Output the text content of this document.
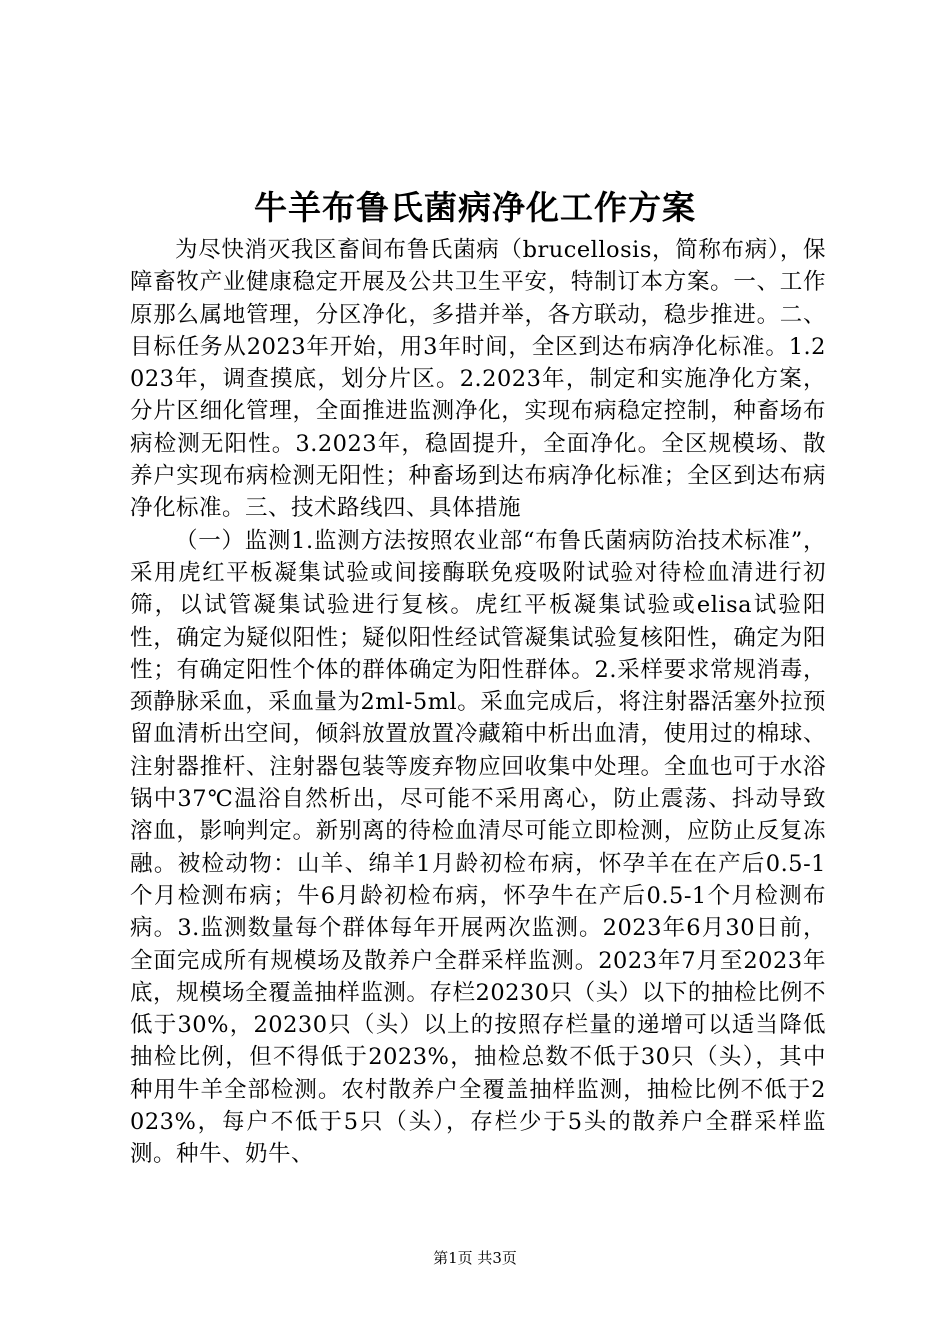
牛羊布鲁氏菌病净化工作方案

为尽快消灭我区畜间布鲁氏菌病（brucellosis，简称布病），保障畜牧产业健康稳定开展及公共卫生平安，特制订本方案。一、工作原那么属地管理，分区净化，多措并举，各方联动，稳步推进。二、目标任务从2023年开始，用3年时间，全区到达布病净化标准。1.2023年，调查摸底，划分片区。2.2023年，制定和实施净化方案，分片区细化管理，全面推进监测净化，实现布病稳定控制，种畜场布病检测无阳性。3.2023年，稳固提升，全面净化。全区规模场、散养户实现布病检测无阳性；种畜场到达布病净化标准；全区到达布病净化标准。三、技术路线四、具体措施

（一）监测1.监测方法按照农业部“布鲁氏菌病防治技术标准”，采用虎红平板凝集试验或间接酶联免疫吸附试验对待检血清进行初筛，以试管凝集试验进行复核。虎红平板凝集试验或elisa试验阳性，确定为疑似阳性；疑似阳性经试管凝集试验复核阳性，确定为阳性；有确定阳性个体的群体确定为阳性群体。2.采样要求常规消毒，颈静脉采血，采血量为2ml-5ml。采血完成后，将注射器活塞外拉预留血清析出空间，倾斜放置放置冷藏箱中析出血清，使用过的棉球、注射器推杆、注射器包装等废弃物应回收集中处理。全血也可于水浴锅中37℃温浴自然析出，尽可能不采用离心，防止震荡、抖动导致溶血，影响判定。新别离的待检血清尽可能立即检测，应防止反复冻融。被检动物：山羊、绵羊1月龄初检布病，怀孕羊在在产后0.5-1个月检测布病；牛6月龄初检布病，怀孕牛在产后0.5-1个月检测布病。3.监测数量每个群体每年开展两次监测。2023年6月30日前，全面完成所有规模场及散养户全群采样监测。2023年7月至2023年底，规模场全覆盖抽样监测。存栏20230只（头）以下的抽检比例不低于30%，20230只（头）以上的按照存栏量的递增可以适当降低抽检比例，但不得低于2023%，抽检总数不低于30只（头），其中种用牛羊全部检测。农村散养户全覆盖抽样监测，抽检比例不低于2023%，每户不低于5只（头），存栏少于5头的散养户全群采样监测。种牛、奶牛、

第1页 共3页
